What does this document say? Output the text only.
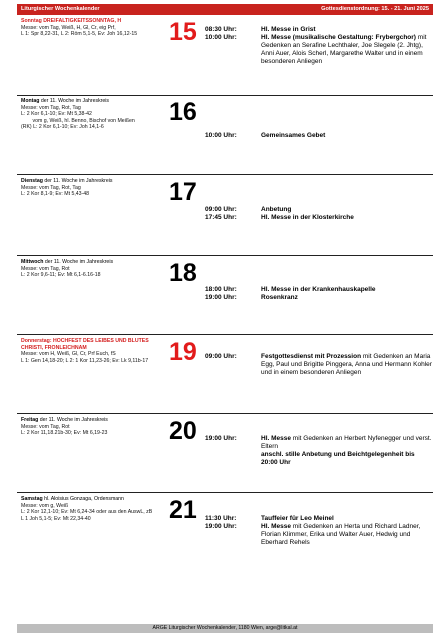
Liturgischer Wochenkalender	Gottesdienstordnung: 15. - 21. Juni 2025
Sonntag DREIFALTIGKEITSSONNTAG, H
Messe: vom Tag, Weiß, H, Gl, Cr, eig Prf,
L 1: Spr 8,22-31, L 2: Röm 5,1-5, Ev: Joh 16,12-15	15	08:30 Uhr:	Hl. Messe in Grist
10:00 Uhr:	Hl. Messe (musikalische Gestaltung: Frybergchor) mit Gedenken an Serafine Lechthaler, Joe Slegele (2. Jhtg), Anni Auer, Alois Scherl, Margarethe Walter und in einem besonderen Anliegen
Montag der 11. Woche im Jahreskreis
Messe: vom Tag, Rot, Tag
L: 2 Kor 6,1-10; Ev: Mt 5,38-42
vom g, Weiß, hl. Benno, Bischof von Meißen
(RK) L: 2 Kor 6,1-10; Ev: Joh 14,1-6
16
10:00 Uhr:	Gemeinsames Gebet
Dienstag der 11. Woche im Jahreskreis
Messe: vom Tag, Rot, Tag
L: 2 Kor 8,1-9; Ev: Mt 5,43-48	17
09:00 Uhr:	Anbetung
17:45 Uhr:	Hl. Messe in der Klosterkirche
Mittwoch der 11. Woche im Jahreskreis
Messe: vom Tag, Rot
L: 2 Kor 9,6-11; Ev: Mt 6,1-6.16-18	18
18:00 Uhr:	Hl. Messe in der Krankenhauskapelle
19:00 Uhr:	Rosenkranz
Donnerstag: HOCHFEST DES LEIBES UND BLUTES CHRISTI, FRONLEICHNAM
Messe: vom H, Weiß, Gl, Cr, Prf Euch, fS
L 1: Gen 14,18-20; L 2: 1 Kor 11,23-26; Ev: Lk 9,11b-17 19	09:00 Uhr:	Festgottesdienst mit Prozession mit Gedenken an Maria Egg, Paul und Brigitte Pinggera, Anna und Hermann Kohler und in einem besonderen Anliegen
Freitag der 11. Woche im Jahreskreis
Messe: vom Tag, Rot
L: 2 Kor 11,18.21b-30; Ev: Mt 6,19-23	20	19:00 Uhr:	Hl. Messe mit Gedenken an Herbert Nyfenegger und verst. Eltern
anschl. stille Anbetung und Beichtgelegenheit bis 20:00 Uhr
Samstag hl. Aloisius Gonzaga, Ordensmann
Messe: vom g, Weiß
L: 2 Kor 12,1-10; Ev: Mt 6,24-34 oder aus den AuswL, zB
L 1 Joh 5,1-5; Ev: Mt 22,34-40	21	11:30 Uhr:	Tauffeier für Leo Meinel
19:00 Uhr:	Hl. Messe mit Gedenken an Herta und Richard Ladner, Florian Klimmer, Erika und Walter Auer, Hedwig und Eberhard Rehels
ARGE Liturgischer Wochenkalender, 1180 Wien, arge@litkal.at
